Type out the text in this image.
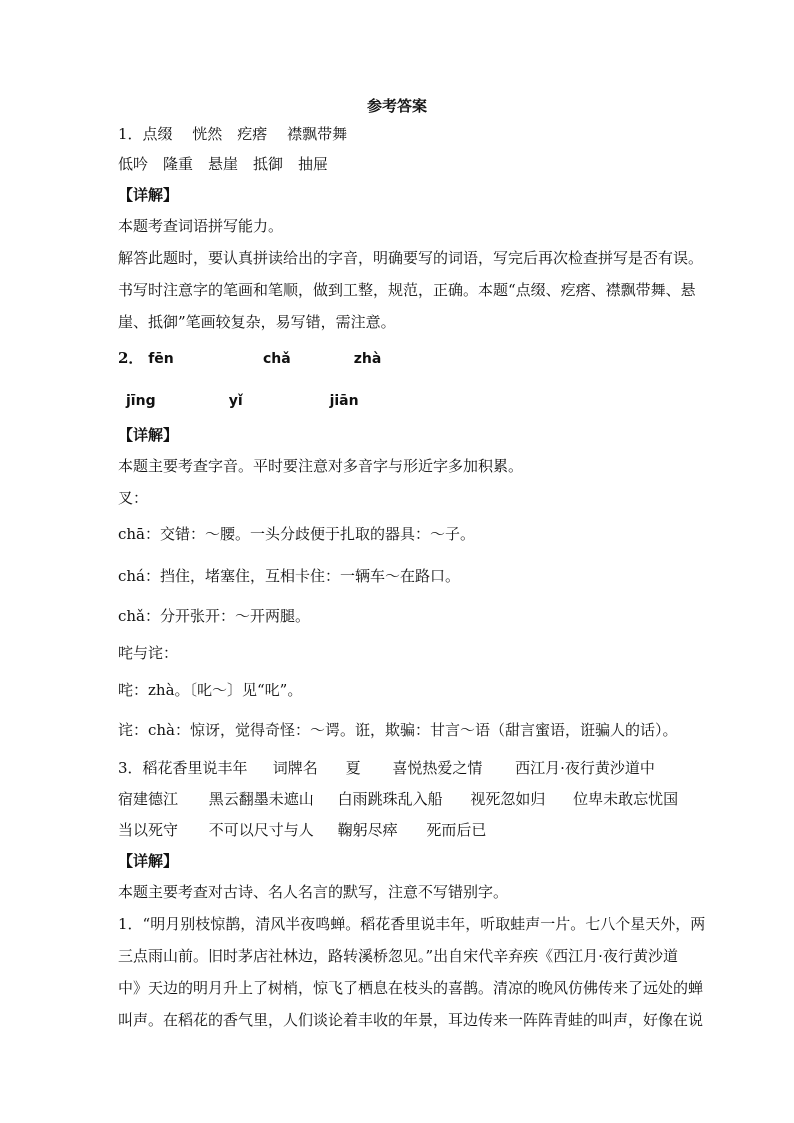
参考答案
1．点缀　 恍然　疙瘩　 襟飘带舞
低吟　隆重　悬崖　抵御　抽屉
【详解】
本题考查词语拼写能力。
解答此题时，要认真拼读给出的字音，明确要写的词语，写完后再次检查拼写是否有误。
书写时注意字的笔画和笔顺，做到工整，规范，正确。本题“点缀、疙瘩、襟飘带舞、悬
崖、抵御”笔画较复杂，易写错，需注意。
2． fēn	chǎ	zhà
jīng	yǐ	jiān
【详解】
本题主要考查字音。平时要注意对多音字与形近字多加积累。
叉：
chā：交错：～腰。一头分歧便于扎取的器具：～子。
chá：挡住，堵塞住，互相卡住：一辆车～在路口。
chǎ：分开张开：～开两腿。
咤与诧：
咤：zhà。〔叱～〕见“叱”。
诧：chà：惊讶，觉得奇怪：～谔。诳，欺骗：甘言～语（甜言蜜语，诳骗人的话）。
3．稻花香里说丰年 词牌名 夏 喜悦热爱之情 西江月·夜行黄沙道中
宿建德江 黑云翻墨未遮山 白雨跳珠乱入船 视死忽如归 位卑未敢忘忧国
当以死守 不可以尺寸与人 鞠躬尽瘁 死而后已
【详解】
本题主要考查对古诗、名人名言的默写，注意不写错别字。
1．“明月别枝惊鹊，清风半夜鸣蝉。稻花香里说丰年，听取蛙声一片。七八个星天外，两
三点雨山前。旧时茅店社林边，路转溪桥忽见。”出自宋代辛弃疾《西江月·夜行黄沙道
中》天边的明月升上了树梢，惊飞了栖息在枝头的喜鹊。清凉的晚风仿佛传来了远处的蝉
叫声。在稻花的香气里，人们谈论着丰收的年景，耳边传来一阵阵青蛙的叫声，好像在说
